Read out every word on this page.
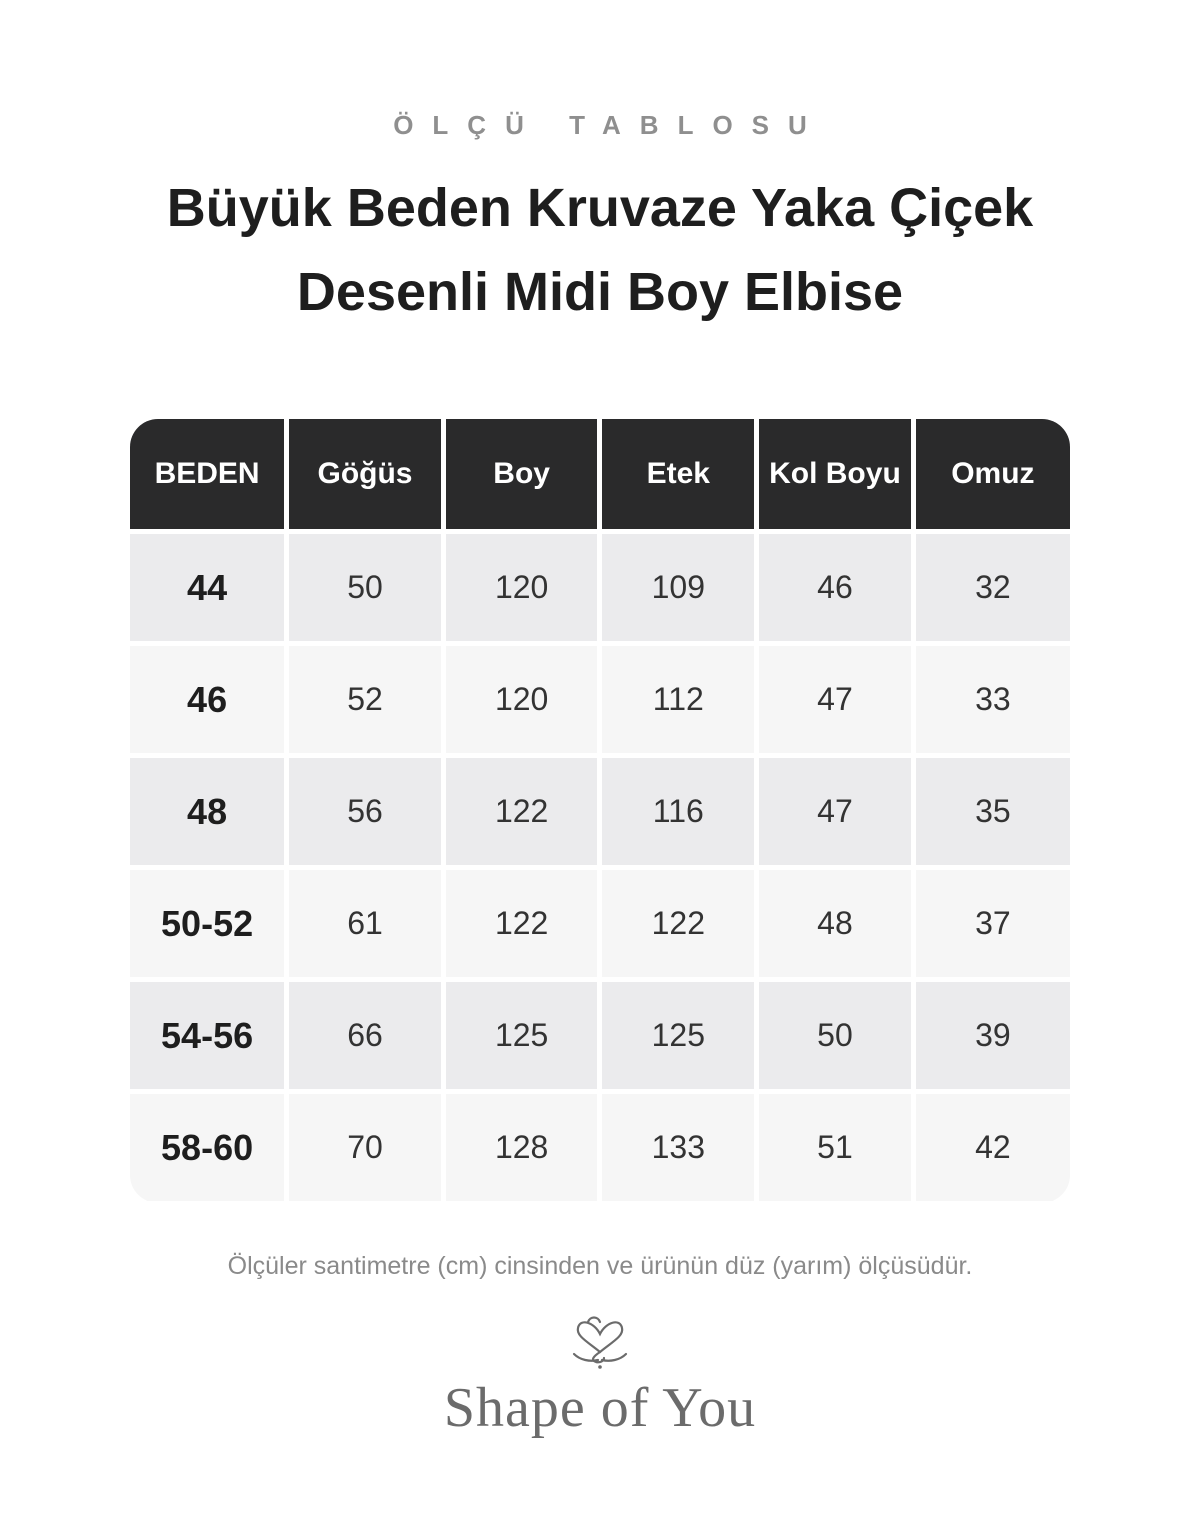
ÖLÇÜ TABLOSU
Büyük Beden Kruvaze Yaka Çiçek
Desenli Midi Boy Elbise
BEDEN	Göğüs	Boy	Etek	Kol Boyu	Omuz
44	50	120	109	46	32
46	52	120	112	47	33
48	56	122	116	47	35
50-52	61	122	122	48	37
54-56	66	125	125	50	39
58-60	70	128	133	51	42
Ölçüler santimetre (cm) cinsinden ve ürünün düz (yarım) ölçüsüdür.
Shape of You
